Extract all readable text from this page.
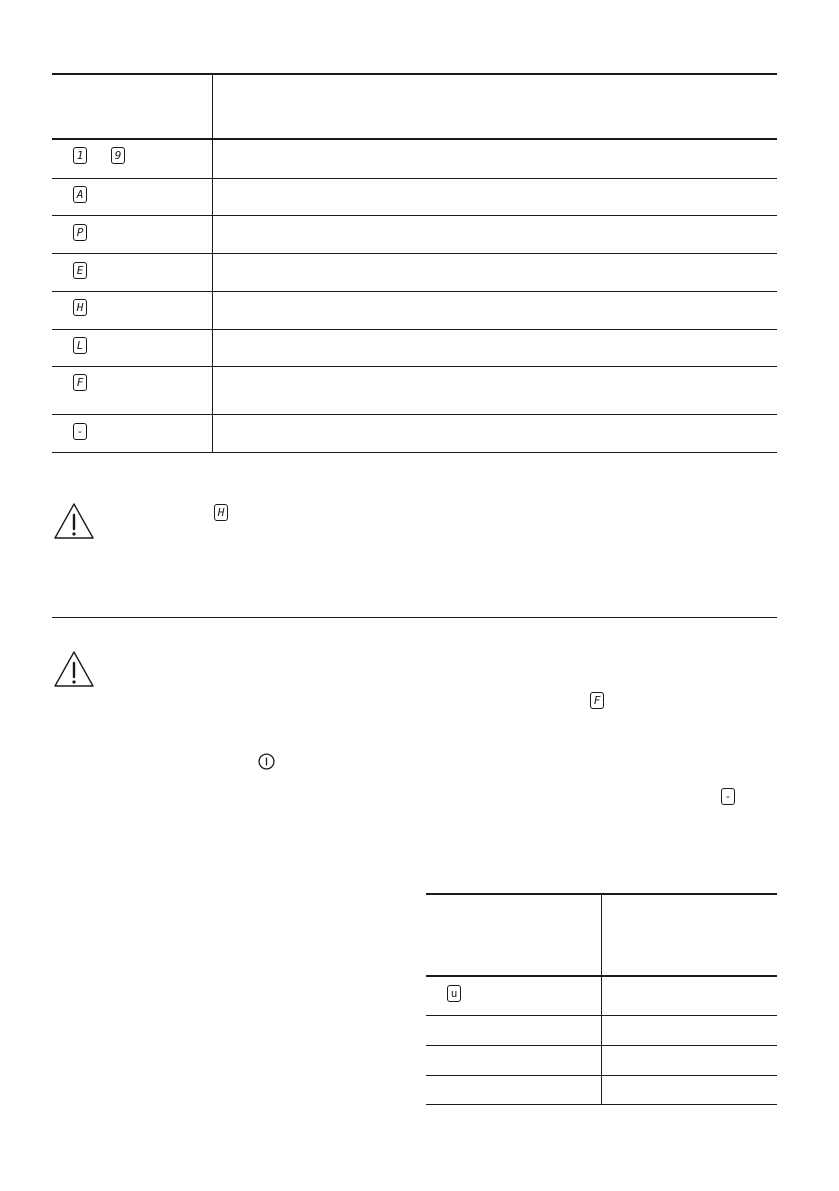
1	9
A
P
E
H
L
F
-
H
F
-
u
